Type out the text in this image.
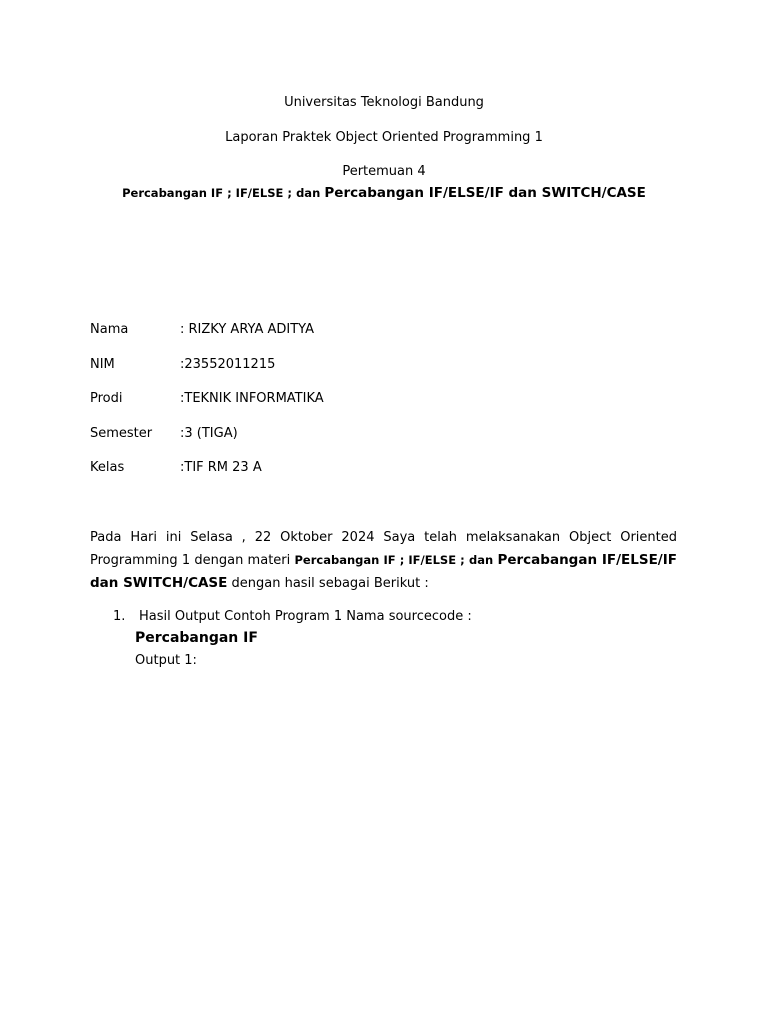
Universitas Teknologi Bandung
Laporan Praktek Object Oriented Programming 1
Pertemuan 4
Percabangan IF ; IF/ELSE ; dan Percabangan IF/ELSE/IF dan SWITCH/CASE
Nama	: RIZKY ARYA ADITYA
NIM	:23552011215
Prodi	:TEKNIK INFORMATIKA
Semester :3 (TIGA)
Kelas	:TIF RM 23 A
Pada Hari ini Selasa , 22 Oktober 2024 Saya telah melaksanakan Object Oriented Programming 1 dengan materi Percabangan IF ; IF/ELSE ; dan Percabangan IF/ELSE/IF dan SWITCH/CASE dengan hasil sebagai Berikut :
1. Hasil Output Contoh Program 1 Nama sourcecode :
Percabangan IF
Output 1:
